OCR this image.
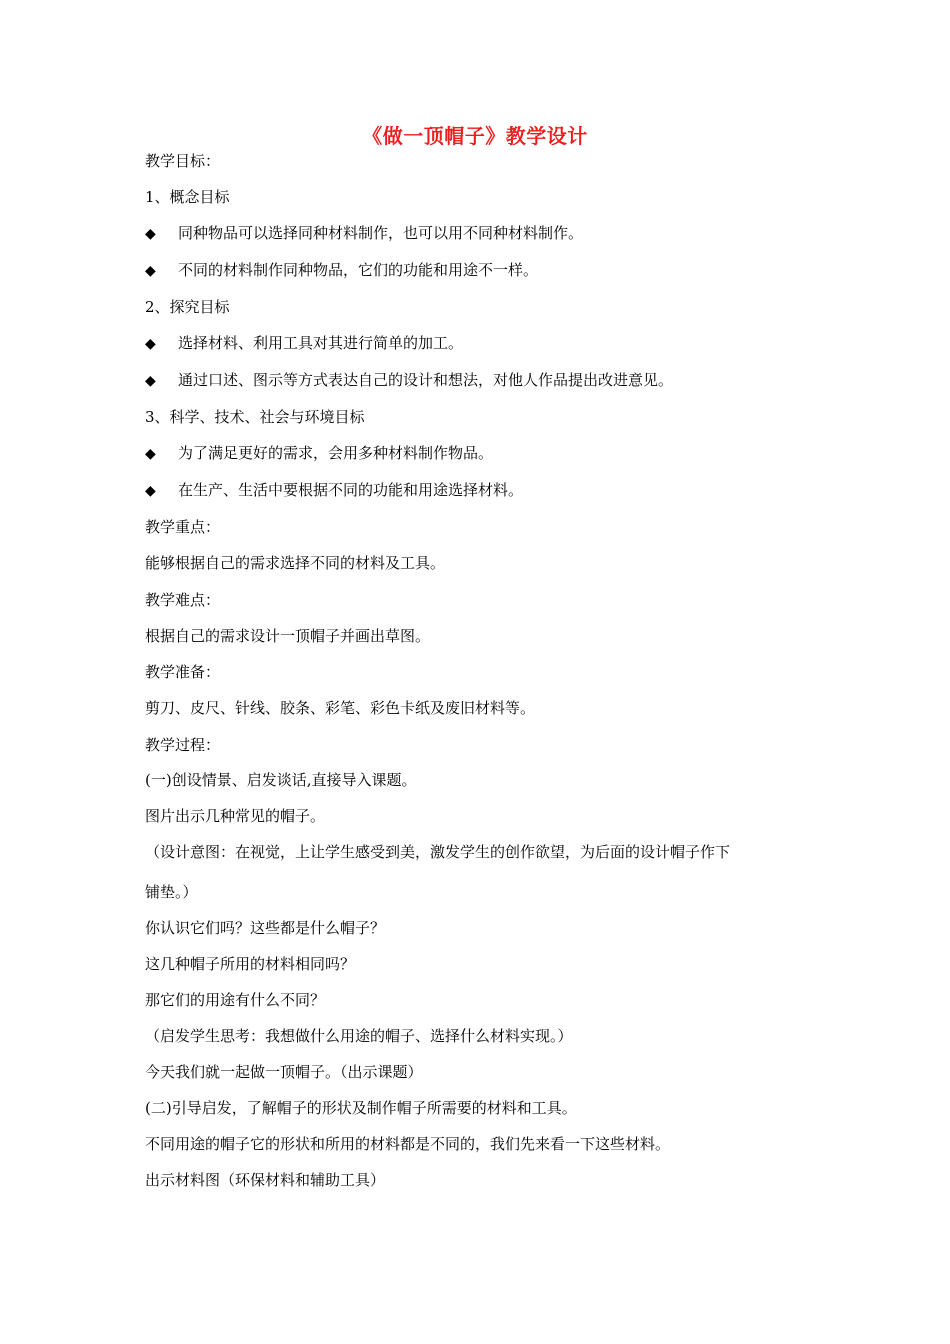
《做一顶帽子》教学设计
教学目标：
1、概念目标
◆ 同种物品可以选择同种材料制作，也可以用不同种材料制作。
◆ 不同的材料制作同种物品，它们的功能和用途不一样。
2、探究目标
◆ 选择材料、利用工具对其进行简单的加工。
◆ 通过口述、图示等方式表达自己的设计和想法，对他人作品提出改进意见。
3、科学、技术、社会与环境目标
◆ 为了满足更好的需求，会用多种材料制作物品。
◆ 在生产、生活中要根据不同的功能和用途选择材料。
教学重点：
能够根据自己的需求选择不同的材料及工具。
教学难点：
根据自己的需求设计一顶帽子并画出草图。
教学准备：
剪刀、皮尺、针线、胶条、彩笔、彩色卡纸及废旧材料等。
教学过程：
(一)创设情景、启发谈话,直接导入课题。
图片出示几种常见的帽子。
（设计意图：在视觉，上让学生感受到美，激发学生的创作欲望，为后面的设计帽子作下
铺垫。）
你认识它们吗？这些都是什么帽子？
这几种帽子所用的材料相同吗？
那它们的用途有什么不同？
（启发学生思考：我想做什么用途的帽子、选择什么材料实现。）
今天我们就一起做一顶帽子。（出示课题）
(二)引导启发，了解帽子的形状及制作帽子所需要的材料和工具。
不同用途的帽子它的形状和所用的材料都是不同的，我们先来看一下这些材料。
出示材料图（环保材料和辅助工具）
